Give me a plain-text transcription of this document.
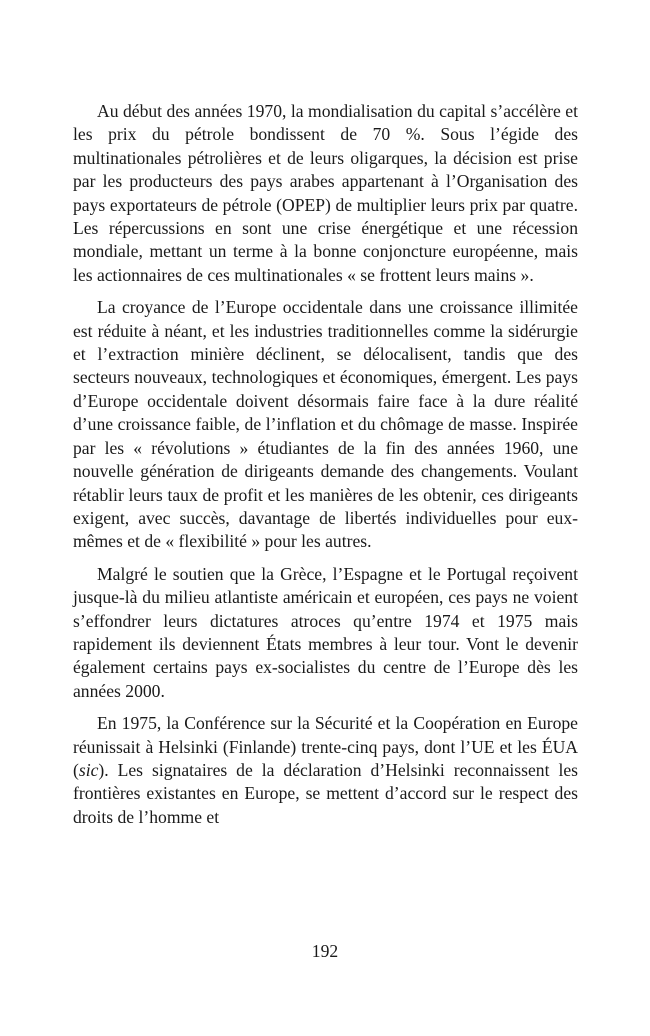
Au début des années 1970, la mondialisation du capital s’accélère et les prix du pétrole bondissent de 70 %. Sous l’égide des multinationales pétrolières et de leurs oligarques, la décision est prise par les producteurs des pays arabes appartenant à l’Organisation des pays exportateurs de pétrole (OPEP) de multiplier leurs prix par quatre. Les répercussions en sont une crise énergétique et une récession mondiale, mettant un terme à la bonne conjoncture européenne, mais les actionnaires de ces multinationales « se frottent leurs mains ».

La croyance de l’Europe occidentale dans une croissance illimitée est réduite à néant, et les industries traditionnelles comme la sidérurgie et l’extraction minière déclinent, se délocalisent, tandis que des secteurs nouveaux, technologiques et économiques, émergent. Les pays d’Europe occidentale doivent désormais faire face à la dure réalité d’une croissance faible, de l’inflation et du chômage de masse. Inspirée par les « révolutions » étudiantes de la fin des années 1960, une nouvelle génération de dirigeants demande des changements. Voulant rétablir leurs taux de profit et les manières de les obtenir, ces dirigeants exigent, avec succès, davantage de libertés individuelles pour eux-mêmes et de « flexibilité » pour les autres.

Malgré le soutien que la Grèce, l’Espagne et le Portugal reçoivent jusque-là du milieu atlantiste américain et européen, ces pays ne voient s’effondrer leurs dictatures atroces qu’entre 1974 et 1975 mais rapidement ils deviennent États membres à leur tour. Vont le devenir également certains pays ex-socialistes du centre de l’Europe dès les années 2000.

En 1975, la Conférence sur la Sécurité et la Coopération en Europe réunissait à Helsinki (Finlande) trente-cinq pays, dont l’UE et les ÉUA (sic). Les signataires de la déclaration d’Helsinki reconnaissent les frontières existantes en Europe, se mettent d’accord sur le respect des droits de l’homme et

192
